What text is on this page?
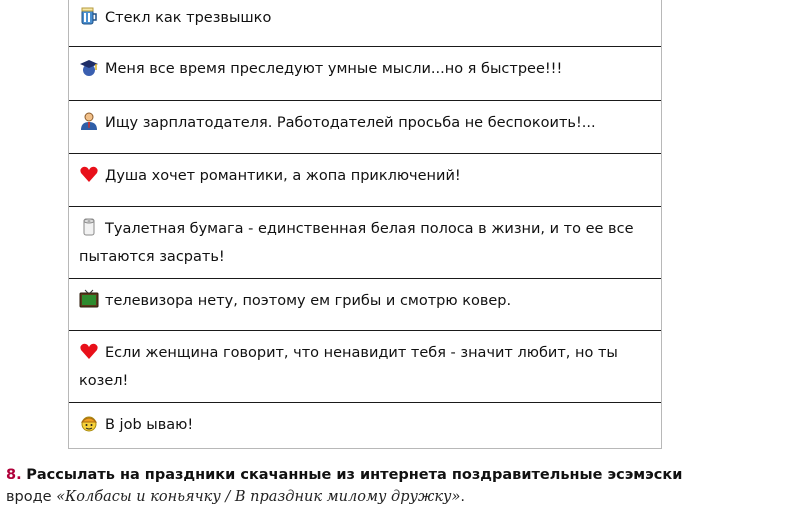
Стекл как трезвышко
Меня все время преследуют умные мысли...но я быстрее!!!
Ищу зарплатодателя. Работодателей просьба не беспокоить!...
Душа хочет романтики, а жопа приключений!
Туалетная бумага - единственная белая полоса в жизни, и то ее все пытаются засрать!
телевизора нету, поэтому ем грибы и смотрю ковер.
Если женщина говорит, что ненавидит тебя - значит любит, но ты козел!
В job ываю!
8. Рассылать на праздники скачанные из интернета поздравительные эсэмэски
вроде «Колбасы и коньячку / В праздник милому дружку».
